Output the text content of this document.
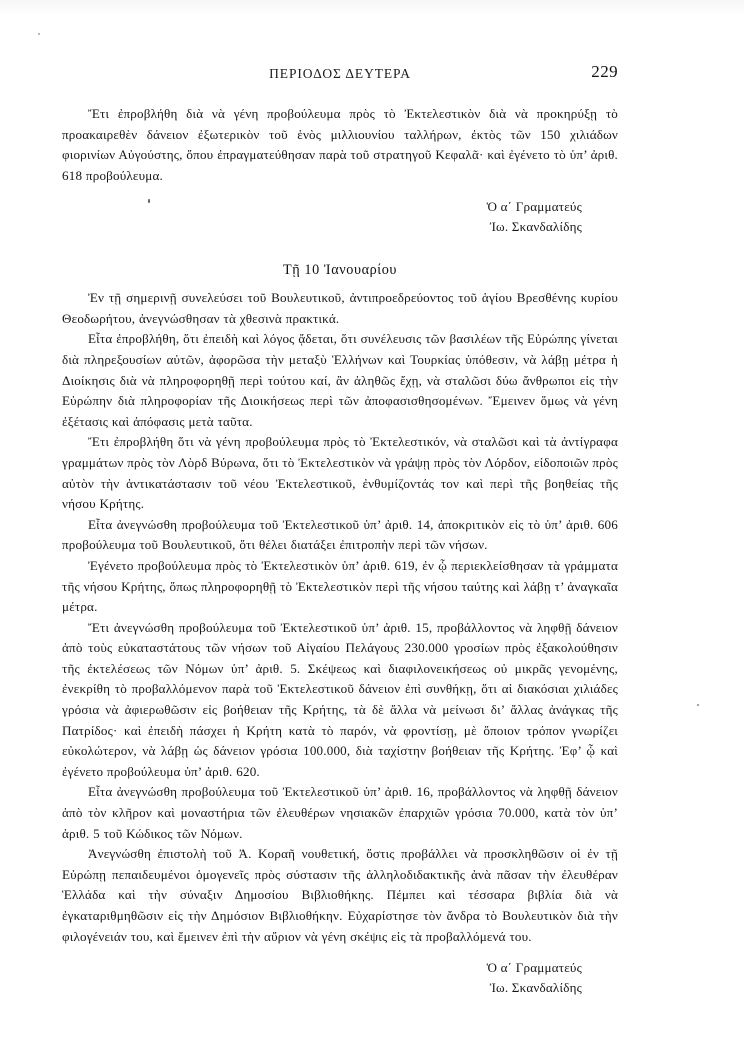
ΠΕΡΙΟΔΟΣ ΔΕΥΤΕΡΑ	229

Ἔτι ἐπροβλήθη διὰ νὰ γένη προβούλευμα πρὸς τὸ Ἐκτελεστικὸν διὰ νὰ προκηρύξῃ τὸ προακαιρεθὲν δάνειον ἐξωτερικὸν τοῦ ἑνὸς μιλλιουνίου ταλλήρων, ἐκτὸς τῶν 150 χιλιάδων φιορινίων Αὐγούστης, ὅπου ἐπραγματεύθησαν παρὰ τοῦ στρατηγοῦ Κεφαλᾶ· καὶ ἐγένετο τὸ ὑπ’ ἀριθ. 618 προβούλευμα.

Ὁ α΄ Γραμματεύς
Ἰω. Σκανδαλίδης
Τῇ 10 Ἰανουαρίου

Ἐν τῇ σημερινῇ συνελεύσει τοῦ Βουλευτικοῦ, ἀντιπροεδρεύοντος τοῦ ἁγίου Βρεσθένης κυρίου Θεοδωρήτου, ἀνεγνώσθησαν τὰ χθεσινὰ πρακτικά.

Εἶτα ἐπροβλήθη, ὅτι ἐπειδὴ καὶ λόγος ᾄδεται, ὅτι συνέλευσις τῶν βασιλέων τῆς Εὐρώπης γίνεται διὰ πληρεξουσίων αὐτῶν, ἀφορῶσα τὴν μεταξὺ Ἑλλήνων καὶ Τουρκίας ὑπόθεσιν, νὰ λάβῃ μέτρα ἡ Διοίκησις διὰ νὰ πληροφορηθῇ περὶ τούτου καί, ἂν ἀληθῶς ἔχῃ, νὰ σταλῶσι δύω ἄνθρωποι εἰς τὴν Εὐρώπην διὰ πληροφορίαν τῆς Διοικήσεως περὶ τῶν ἀποφασισθησομένων. Ἔμεινεν ὅμως νὰ γένη ἐξέτασις καὶ ἀπόφασις μετὰ ταῦτα.

Ἔτι ἐπροβλήθη ὅτι νὰ γένη προβούλευμα πρὸς τὸ Ἐκτελεστικόν, νὰ σταλῶσι καὶ τὰ ἀντίγραφα γραμμάτων πρὸς τὸν Λὸρδ Βύρωνα, ὅτι τὸ Ἐκτελεστικὸν νὰ γράψῃ πρὸς τὸν Λόρδον, εἰδοποιῶν πρὸς αὐτὸν τὴν ἀντικατάστασιν τοῦ νέου Ἐκτελεστικοῦ, ἐνθυμίζοντάς τον καὶ περὶ τῆς βοηθείας τῆς νήσου Κρήτης.

Εἶτα ἀνεγνώσθη προβούλευμα τοῦ Ἐκτελεστικοῦ ὑπ’ ἀριθ. 14, ἀποκριτικὸν εἰς τὸ ὑπ’ ἀριθ. 606 προβούλευμα τοῦ Βουλευτικοῦ, ὅτι θέλει διατάξει ἐπιτροπὴν περὶ τῶν νήσων.

Ἐγένετο προβούλευμα πρὸς τὸ Ἐκτελεστικὸν ὑπ’ ἀριθ. 619, ἐν ᾧ περιεκλείσθησαν τὰ γράμματα τῆς νήσου Κρήτης, ὅπως πληροφορηθῇ τὸ Ἐκτελεστικὸν περὶ τῆς νήσου ταύτης καὶ λάβῃ τ’ ἀναγκαῖα μέτρα.

Ἔτι ἀνεγνώσθη προβούλευμα τοῦ Ἐκτελεστικοῦ ὑπ’ ἀριθ. 15, προβάλλοντος νὰ ληφθῇ δάνειον ἀπὸ τοὺς εὐκαταστάτους τῶν νήσων τοῦ Αἰγαίου Πελάγους 230.000 γροσίων πρὸς ἐξακολούθησιν τῆς ἐκτελέσεως τῶν Νόμων ὑπ’ ἀριθ. 5. Σκέψεως καὶ διαφιλονεικήσεως οὐ μικρᾶς γενομένης, ἐνεκρίθη τὸ προβαλλόμενον παρὰ τοῦ Ἐκτελεστικοῦ δάνειον ἐπὶ συνθήκῃ, ὅτι αἱ διακόσιαι χιλιάδες γρόσια νὰ ἀφιερωθῶσιν εἰς βοήθειαν τῆς Κρήτης, τὰ δὲ ἄλλα νὰ μείνωσι δι’ ἄλλας ἀνάγκας τῆς Πατρίδος· καὶ ἐπειδὴ πάσχει ἡ Κρήτη κατὰ τὸ παρόν, νὰ φροντίσῃ, μὲ ὅποιον τρόπον γνωρίζει εὐκολώτερον, νὰ λάβῃ ὡς δάνειον γρόσια 100.000, διὰ ταχίστην βοήθειαν τῆς Κρήτης. Ἐφ’ ᾧ καὶ ἐγένετο προβούλευμα ὑπ’ ἀριθ. 620.

Εἶτα ἀνεγνώσθη προβούλευμα τοῦ Ἐκτελεστικοῦ ὑπ’ ἀριθ. 16, προβάλλοντος νὰ ληφθῇ δάνειον ἀπὸ τὸν κλῆρον καὶ μοναστήρια τῶν ἐλευθέρων νησιακῶν ἐπαρχιῶν γρόσια 70.000, κατὰ τὸν ὑπ’ ἀριθ. 5 τοῦ Κώδικος τῶν Νόμων.

Ἀνεγνώσθη ἐπιστολὴ τοῦ Ἀ. Κοραῆ νουθετική, ὅστις προβάλλει νὰ προσκληθῶσιν οἱ ἐν τῇ Εὐρώπῃ πεπαιδευμένοι ὁμογενεῖς πρὸς σύστασιν τῆς ἀλληλοδιδακτικῆς ἀνὰ πᾶσαν τὴν ἐλευθέραν Ἑλλάδα καὶ τὴν σύναξιν Δημοσίου Βιβλιοθήκης. Πέμπει καὶ τέσσαρα βιβλία διὰ νὰ ἐγκαταριθμηθῶσιν εἰς τὴν Δημόσιον Βιβλιοθήκην. Εὐχαρίστησε τὸν ἄνδρα τὸ Βουλευτικὸν διὰ τὴν φιλογένειάν του, καὶ ἔμεινεν ἐπὶ τὴν αὔριον νὰ γένη σκέψις εἰς τὰ προβαλλόμενά του.

Ὁ α΄ Γραμματεύς
Ἰω. Σκανδαλίδης
